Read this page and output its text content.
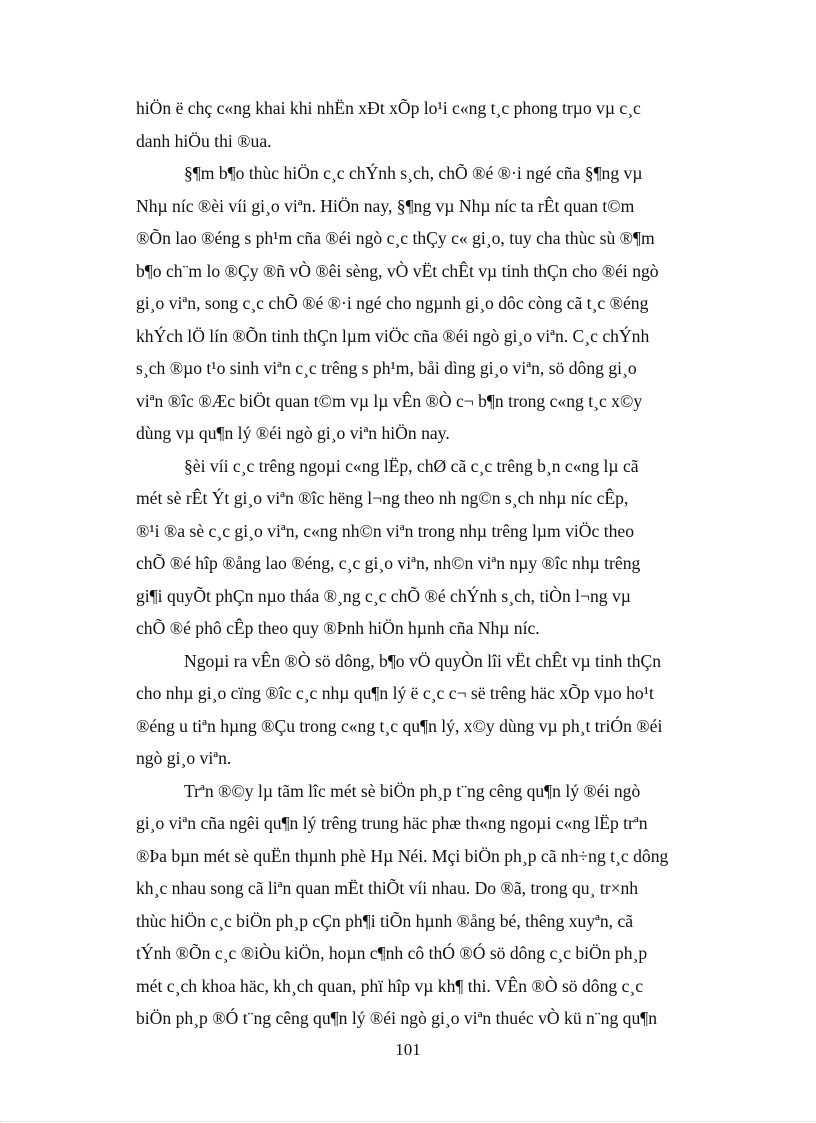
hiÖn ë chç c«ng khai khi nhËn xÐt xÕp lo¹i c«ng t¸c phong trµo vµ c¸c
danh hiÖu thi ®ua.
§¶m b¶o thùc hiÖn c¸c chÝnh s¸ch, chÕ ®é ®·i ngé cña §¶ng vµ
Nhµ níc ®èi víi gi¸o viªn. HiÖn nay, §¶ng vµ Nhµ níc ta rÊt quan t©m
®Õn lao ®éng s ph¹m cña ®éi ngò c¸c thÇy c« gi¸o, tuy cha thùc sù ®¶m
b¶o ch¨m lo ®Çy ®ñ vÒ ®êi sèng, vÒ vËt chÊt vµ tinh thÇn cho ®éi ngò
gi¸o viªn, song c¸c chÕ ®é ®·i ngé cho ngµnh gi¸o dôc còng cã t¸c ®éng
khÝch lÖ lín ®Õn tinh thÇn lµm viÖc cña ®éi ngò gi¸o viªn. C¸c chÝnh
s¸ch ®µo t¹o sinh viªn c¸c trêng s ph¹m, båi dìng gi¸o viªn, sö dông gi¸o
viªn ®îc ®Æc biÖt quan t©m vµ lµ vÊn ®Ò c¬ b¶n trong c«ng t¸c x©y
dùng vµ qu¶n lý ®éi ngò gi¸o viªn hiÖn nay.
§èi víi c¸c trêng ngoµi c«ng lËp, chØ cã c¸c trêng b¸n c«ng lµ cã
mét sè rÊt Ýt gi¸o viªn ®îc hëng l¬ng theo nh ng©n s¸ch nhµ níc cÊp,
®¹i ®a sè c¸c gi¸o viªn, c«ng nh©n viªn trong nhµ trêng lµm viÖc theo
chÕ ®é hîp ®ång lao ®éng, c¸c gi¸o viªn, nh©n viªn nµy ®îc nhµ trêng
gi¶i quyÕt phÇn nµo tháa ®¸ng c¸c chÕ ®é chÝnh s¸ch, tiÒn l¬ng vµ
chÕ ®é phô cÊp theo quy ®Þnh hiÖn hµnh cña Nhµ níc.
Ngoµi ra vÊn ®Ò sö dông, b¶o vÖ quyÒn lîi vËt chÊt vµ tinh thÇn
cho nhµ gi¸o cïng ®îc c¸c nhµ qu¶n lý ë c¸c c¬ së trêng häc xÕp vµo ho¹t
®éng u tiªn hµng ®Çu trong c«ng t¸c qu¶n lý, x©y dùng vµ ph¸t triÓn ®éi
ngò gi¸o viªn.
Trªn ®©y lµ tãm lîc mét sè biÖn ph¸p t¨ng cêng qu¶n lý ®éi ngò
gi¸o viªn cña ngêi qu¶n lý trêng trung häc phæ th«ng ngoµi c«ng lËp trªn
®Þa bµn mét sè quËn thµnh phè Hµ Néi. Mçi biÖn ph¸p cã nh÷ng t¸c dông
kh¸c nhau song cã liªn quan mËt thiÕt víi nhau. Do ®ã, trong qu¸ tr×nh
thùc hiÖn c¸c biÖn ph¸p cÇn ph¶i tiÕn hµnh ®ång bé, thêng xuyªn, cã
tÝnh ®Õn c¸c ®iÒu kiÖn, hoµn c¶nh cô thÓ ®Ó sö dông c¸c biÖn ph¸p
mét c¸ch khoa häc, kh¸ch quan, phï hîp vµ kh¶ thi. VÊn ®Ò sö dông c¸c
biÖn ph¸p ®Ó t¨ng cêng qu¶n lý ®éi ngò gi¸o viªn thuéc vÒ kü n¨ng qu¶n
101
